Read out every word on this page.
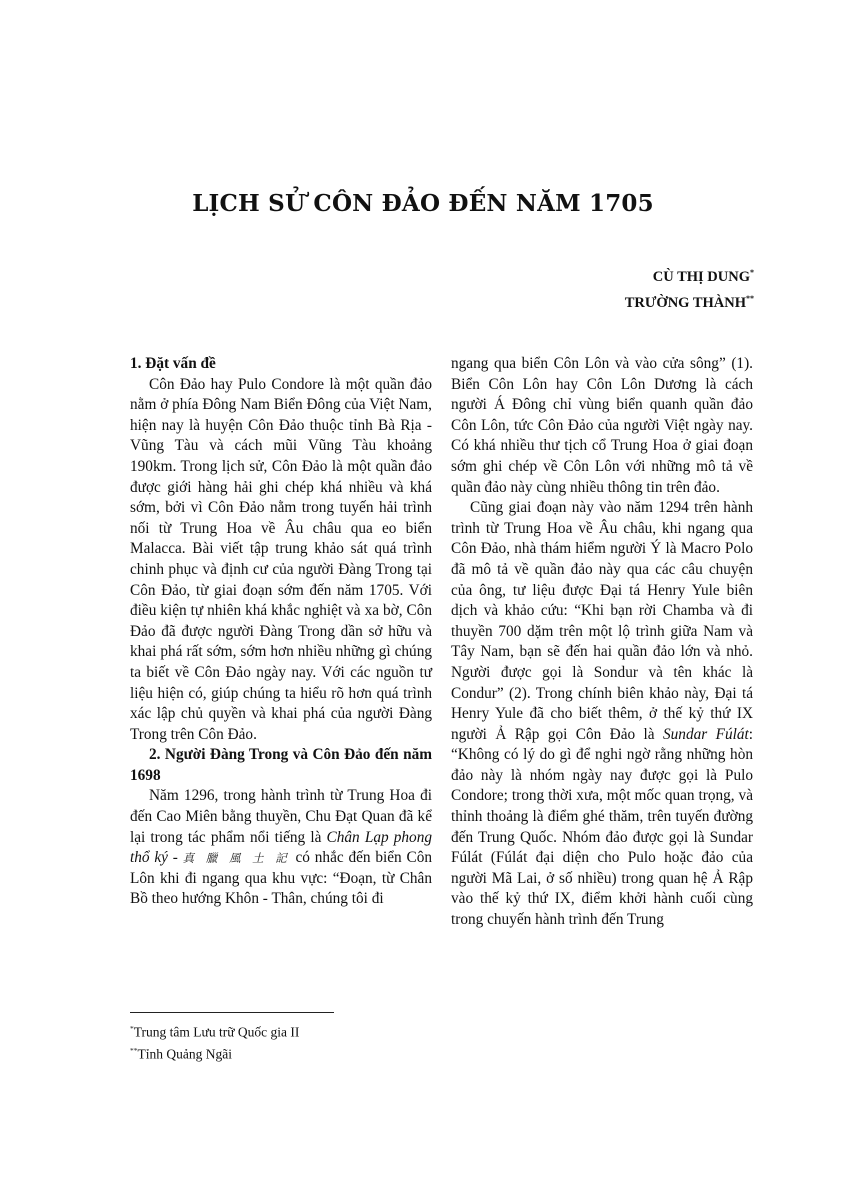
LỊCH SỬ CÔN ĐẢO ĐẾN NĂM 1705
CÙ THỊ DUNG*
TRƯỜNG THÀNH**
1. Đặt vấn đề

Côn Đảo hay Pulo Condore là một quần đảo nằm ở phía Đông Nam Biển Đông của Việt Nam, hiện nay là huyện Côn Đảo thuộc tỉnh Bà Rịa - Vũng Tàu và cách mũi Vũng Tàu khoảng 190km. Trong lịch sử, Côn Đảo là một quần đảo được giới hàng hải ghi chép khá nhiều và khá sớm, bởi vì Côn Đảo nằm trong tuyến hải trình nối từ Trung Hoa về Âu châu qua eo biển Malacca. Bài viết tập trung khảo sát quá trình chinh phục và định cư của người Đàng Trong tại Côn Đảo, từ giai đoạn sớm đến năm 1705. Với điều kiện tự nhiên khá khắc nghiệt và xa bờ, Côn Đảo đã được người Đàng Trong dần sở hữu và khai phá rất sớm, sớm hơn nhiều những gì chúng ta biết về Côn Đảo ngày nay. Với các nguồn tư liệu hiện có, giúp chúng ta hiểu rõ hơn quá trình xác lập chủ quyền và khai phá của người Đàng Trong trên Côn Đảo.

2. Người Đàng Trong và Côn Đảo đến năm 1698

Năm 1296, trong hành trình từ Trung Hoa đi đến Cao Miên bằng thuyền, Chu Đạt Quan đã kể lại trong tác phẩm nổi tiếng là Chân Lạp phong thổ ký - 真 臘 風 土 記 có nhắc đến biển Côn Lôn khi đi ngang qua khu vực: “Đoạn, từ Chân Bồ theo hướng Khôn - Thân, chúng tôi đi

ngang qua biển Côn Lôn và vào cửa sông” (1). Biển Côn Lôn hay Côn Lôn Dương là cách người Á Đông chỉ vùng biển quanh quần đảo Côn Lôn, tức Côn Đảo của người Việt ngày nay. Có khá nhiều thư tịch cổ Trung Hoa ở giai đoạn sớm ghi chép về Côn Lôn với những mô tả về quần đảo này cùng nhiều thông tin trên đảo.

Cũng giai đoạn này vào năm 1294 trên hành trình từ Trung Hoa về Âu châu, khi ngang qua Côn Đảo, nhà thám hiểm người Ý là Macro Polo đã mô tả về quần đảo này qua các câu chuyện của ông, tư liệu được Đại tá Henry Yule biên dịch và khảo cứu: “Khi bạn rời Chamba và đi thuyền 700 dặm trên một lộ trình giữa Nam và Tây Nam, bạn sẽ đến hai quần đảo lớn và nhỏ. Người được gọi là Sondur và tên khác là Condur” (2). Trong chính biên khảo này, Đại tá Henry Yule đã cho biết thêm, ở thế kỷ thứ IX người Ả Rập gọi Côn Đảo là Sundar Fúlát: “Không có lý do gì để nghi ngờ rằng những hòn đảo này là nhóm ngày nay được gọi là Pulo Condore; trong thời xưa, một mốc quan trọng, và thỉnh thoảng là điểm ghé thăm, trên tuyến đường đến Trung Quốc. Nhóm đảo được gọi là Sundar Fúlát (Fúlát đại diện cho Pulo hoặc đảo của người Mã Lai, ở số nhiều) trong quan hệ Ả Rập vào thế kỷ thứ IX, điểm khởi hành cuối cùng trong chuyến hành trình đến Trung

*Trung tâm Lưu trữ Quốc gia II
**Tỉnh Quảng Ngãi
